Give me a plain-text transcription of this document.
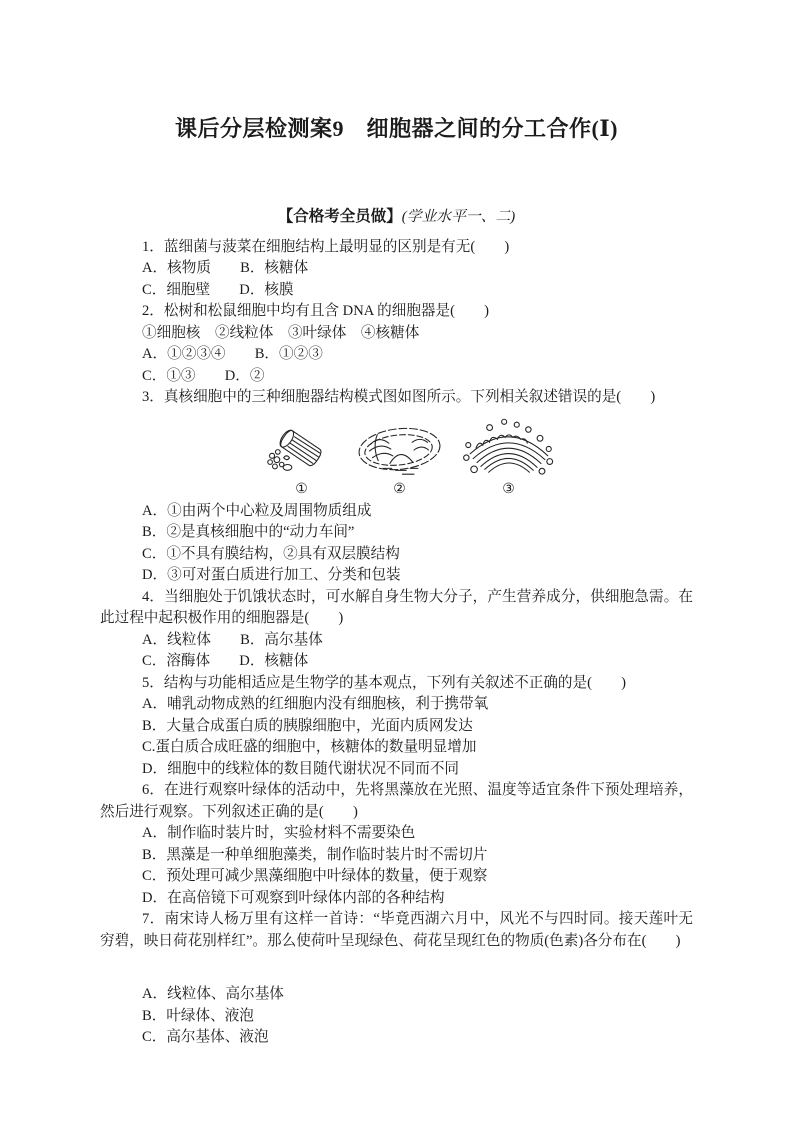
课后分层检测案9　细胞器之间的分工合作(Ⅰ)
【合格考全员做】(学业水平一、二)

1．蓝细菌与菠菜在细胞结构上最明显的区别是有无(　　)

A．核物质　　B．核糖体

C．细胞壁　　D．核膜

2．松树和松鼠细胞中均有且含 DNA 的细胞器是(　　)

①细胞核　②线粒体　③叶绿体　④核糖体

A．①②③④　　B．①②③

C．①③　　D．②

3．真核细胞中的三种细胞器结构模式图如图所示。下列相关叙述错误的是(　　)

①	②	③

A．①由两个中心粒及周围物质组成

B．②是真核细胞中的“动力车间”

C．①不具有膜结构，②具有双层膜结构

D．③可对蛋白质进行加工、分类和包装

4．当细胞处于饥饿状态时，可水解自身生物大分子，产生营养成分，供细胞急需。在此过程中起积极作用的细胞器是(　　)

A．线粒体　　B．高尔基体

C．溶酶体　　D．核糖体

5．结构与功能相适应是生物学的基本观点，下列有关叙述不正确的是(　　)

A．哺乳动物成熟的红细胞内没有细胞核，利于携带氧

B．大量合成蛋白质的胰腺细胞中，光面内质网发达

C.蛋白质合成旺盛的细胞中，核糖体的数量明显增加

D．细胞中的线粒体的数目随代谢状况不同而不同

6．在进行观察叶绿体的活动中，先将黑藻放在光照、温度等适宜条件下预处理培养，然后进行观察。下列叙述正确的是(　　)

A．制作临时装片时，实验材料不需要染色

B．黑藻是一种单细胞藻类，制作临时装片时不需切片

C．预处理可减少黑藻细胞中叶绿体的数量，便于观察

D．在高倍镜下可观察到叶绿体内部的各种结构

7．南宋诗人杨万里有这样一首诗：“毕竟西湖六月中，风光不与四时同。接天莲叶无穷碧，映日荷花别样红”。那么使荷叶呈现绿色、荷花呈现红色的物质(色素)各分布在(　　)

A．线粒体、高尔基体

B．叶绿体、液泡

C．高尔基体、液泡
